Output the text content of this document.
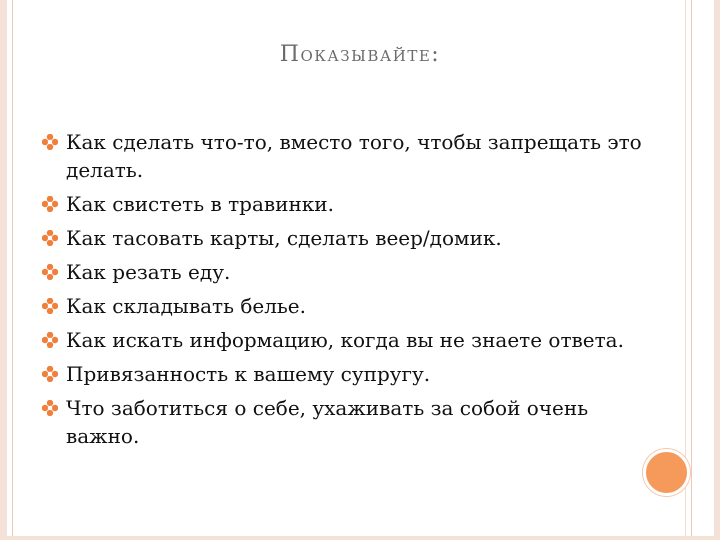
ПОКАЗЫВАЙТЕ:
Как сделать что-то, вместо того, чтобы запрещать это делать.
Как свистеть в травинки.
Как тасовать карты, сделать веер/домик.
Как резать еду.
Как складывать белье.
Как искать информацию, когда вы не знаете ответа.
Привязанность к вашему супругу.
Что заботиться о себе, ухаживать за собой очень важно.
